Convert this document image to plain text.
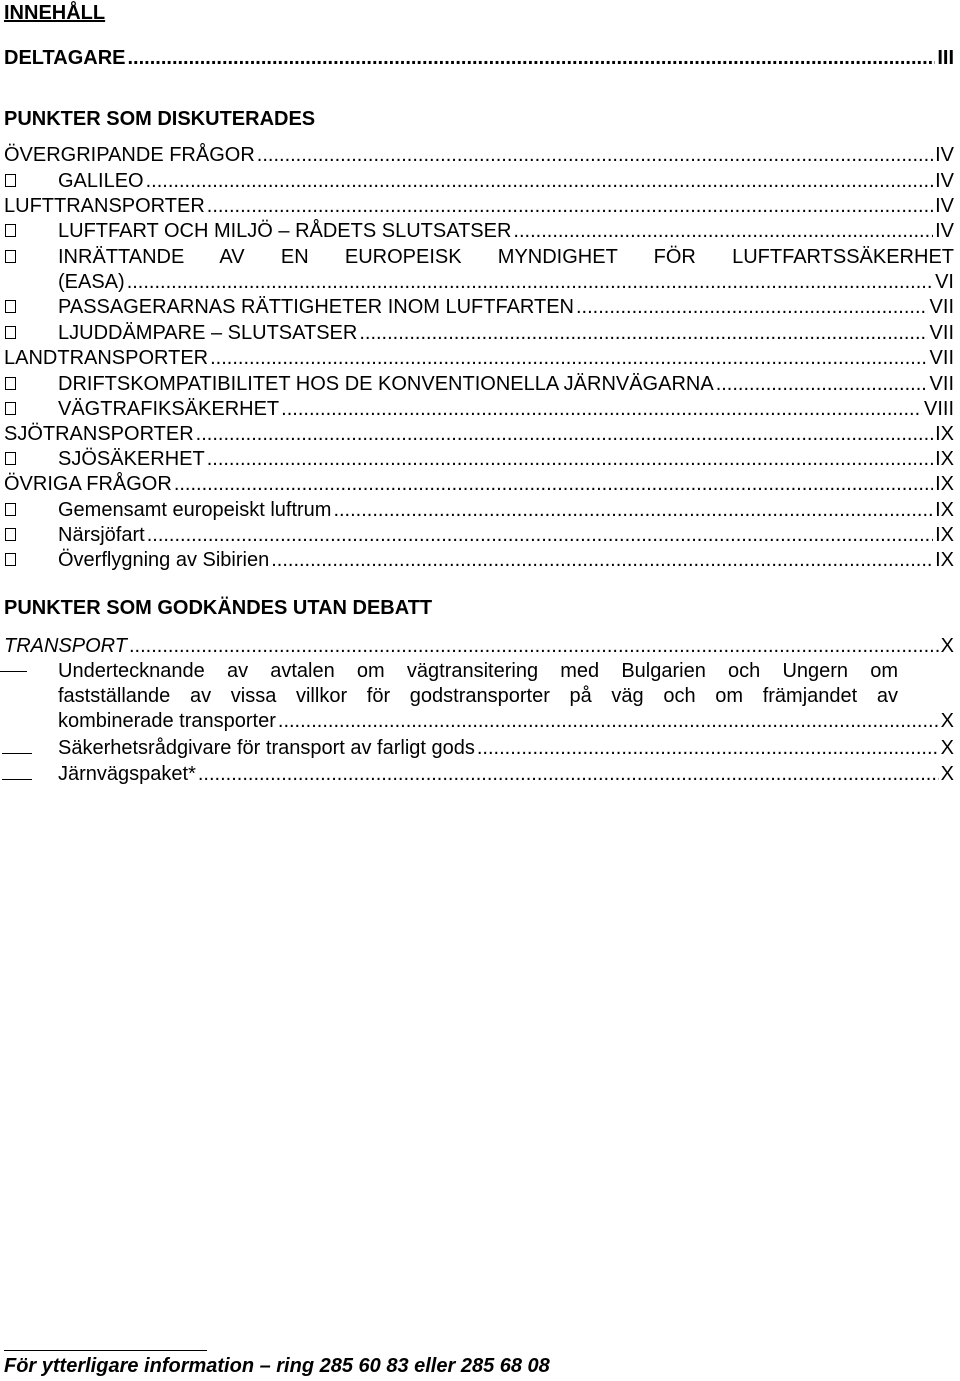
INNEHÅLL
DELTAGARE .....	III
PUNKTER SOM DISKUTERADES
ÖVERGRIPANDE FRÅGOR .....	IV
GALILEO .....	IV
LUFTTRANSPORTER .....	IV
LUFTFART OCH MILJÖ – RÅDETS SLUTSATSER .....	IV
INRÄTTANDE AV EN EUROPEISK MYNDIGHET FÖR LUFTFARTSSÄKERHET
(EASA) .....	VI
PASSAGERARNAS RÄTTIGHETER INOM LUFTFARTEN .....	VII
LJUDDÄMPARE – SLUTSATSER .....	VII
LANDTRANSPORTER .....	VII
DRIFTSKOMPATIBILITET HOS DE KONVENTIONELLA JÄRNVÄGARNA .....	VII
VÄGTRAFIKSÄKERHET .....	VIII
SJÖTRANSPORTER .....	IX
SJÖSÄKERHET .....	IX
ÖVRIGA FRÅGOR .....	IX
Gemensamt europeiskt luftrum .....	IX
Närsjöfart .....	IX
Överflygning av Sibirien .....	IX
PUNKTER SOM GODKÄNDES UTAN DEBATT
TRANSPORT .....	X
Undertecknande av avtalen om vägtransitering med Bulgarien och Ungern om
fastställande av vissa villkor för godstransporter på väg och om främjandet av
kombinerade transporter .....	X
Säkerhetsrådgivare för transport av farligt gods .....	X
Järnvägspaket* .....	X
För ytterligare information – ring 285 60 83 eller 285 68 08
